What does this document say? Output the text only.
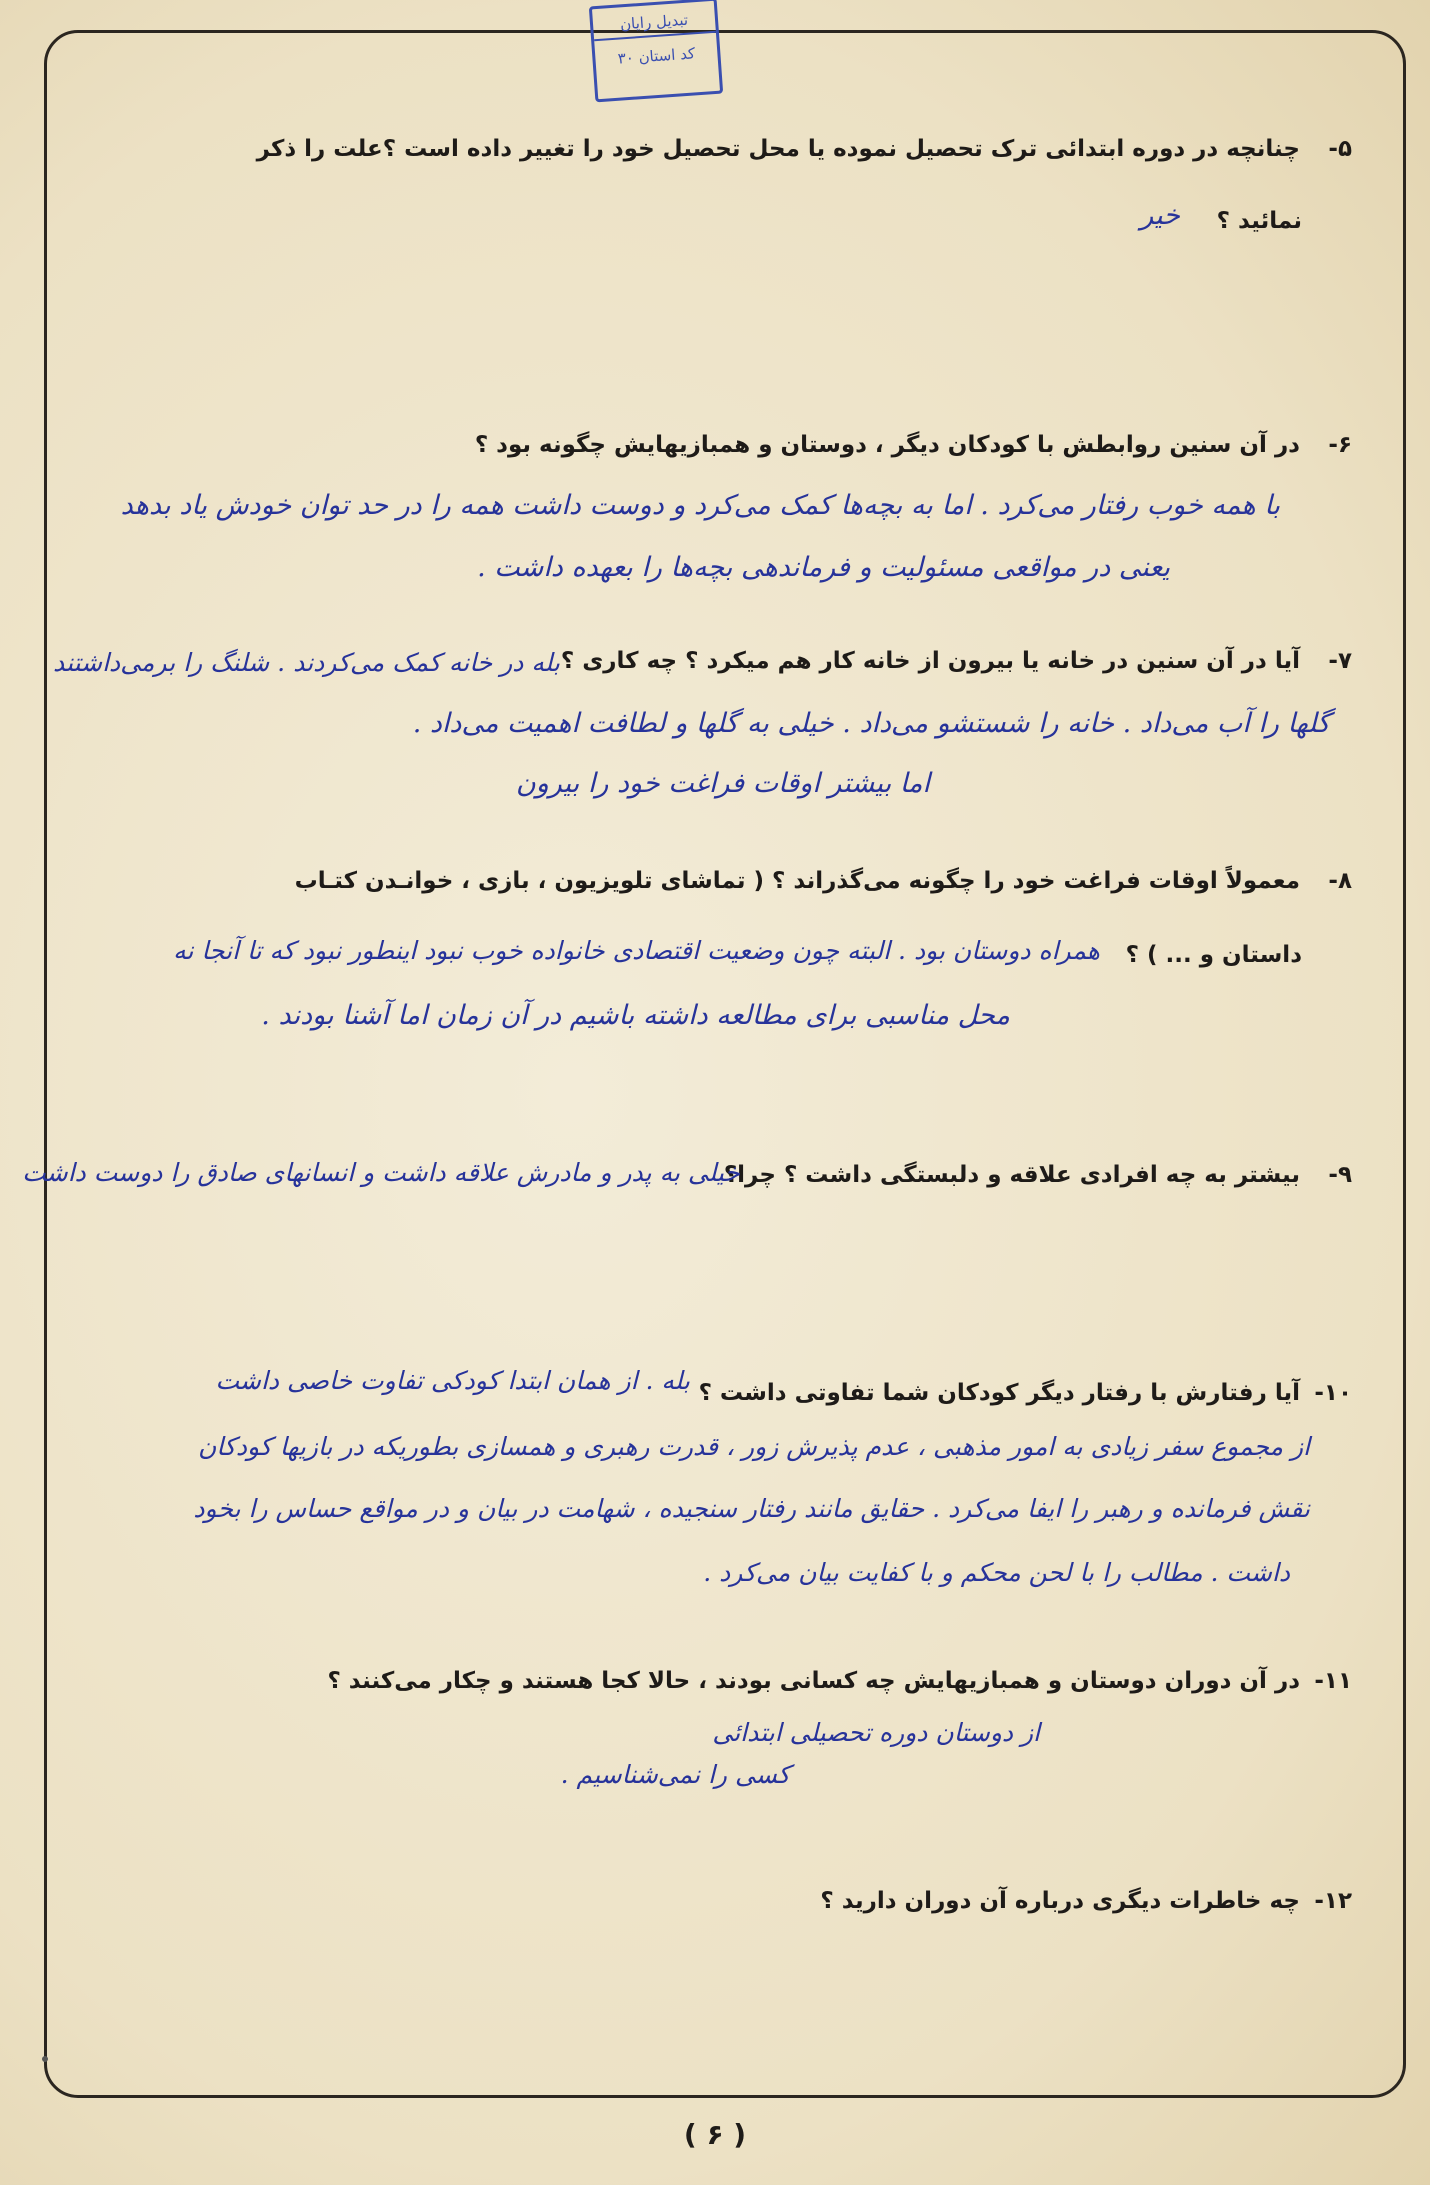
تبدیل رایان
کد استان ۳۰
۵-چنانچه در دوره ابتدائی ترک تحصیل نموده یا محل تحصیل خود را تغییر داده است ؟علت را ذکر
نمائید ؟
خیر
۶-در آن سنین روابطش با کودکان دیگر ، دوستان و همبازیهایش چگونه بود ؟
با همه خوب رفتار می‌کرد . اما به بچه‌ها کمک می‌کرد و دوست داشت همه را در حد توان خودش یاد بدهد
یعنی در مواقعی مسئولیت و فرماندهی بچه‌ها را بعهده داشت .
۷-آیا در آن سنین در خانه یا بیرون از خانه کار هم میکرد ؟ چه کاری ؟
بله در خانه کمک می‌کردند . شلنگ را برمی‌داشتند
گلها را آب می‌داد . خانه را شستشو می‌داد . خیلی به گلها و لطافت اهمیت می‌داد .
اما بیشتر اوقات فراغت خود را بیرون
۸-معمولاً اوقات فراغت خود را چگونه می‌گذراند ؟ ( تماشای تلویزیون ، بازی ، خوانـدن کتـاب
داستان و ... ) ؟
همراه دوستان بود . البته چون وضعیت اقتصادی خانواده خوب نبود اینطور نبود که تا آنجا نه
محل مناسبی برای مطالعه داشته باشیم در آن زمان اما آشنا بودند .
۹-بیشتر به چه افرادی علاقه و دلبستگی داشت ؟ چرا؟
خیلی به پدر و مادرش علاقه داشت و انسانهای صادق را دوست داشت
۱۰-آیا رفتارش با رفتار دیگر کودکان شما تفاوتی داشت ؟
بله . از همان ابتدا کودکی تفاوت خاصی داشت
از مجموع سفر زیادی به امور مذهبی ، عدم پذیرش زور ، قدرت رهبری و همسازی بطوریکه در بازیها کودکان
نقش فرمانده و رهبر را ایفا می‌کرد . حقایق مانند رفتار سنجیده ، شهامت در بیان و در مواقع حساس را بخود
داشت . مطالب را با لحن محکم و با کفایت بیان می‌کرد .
۱۱-در آن دوران دوستان و همبازیهایش چه کسانی بودند ، حالا کجا هستند و چکار می‌کنند ؟
از دوستان دوره تحصیلی ابتدائی
کسی را نمی‌شناسیم .
۱۲-چه خاطرات دیگری درباره آن دوران دارید ؟
( ۶ )
